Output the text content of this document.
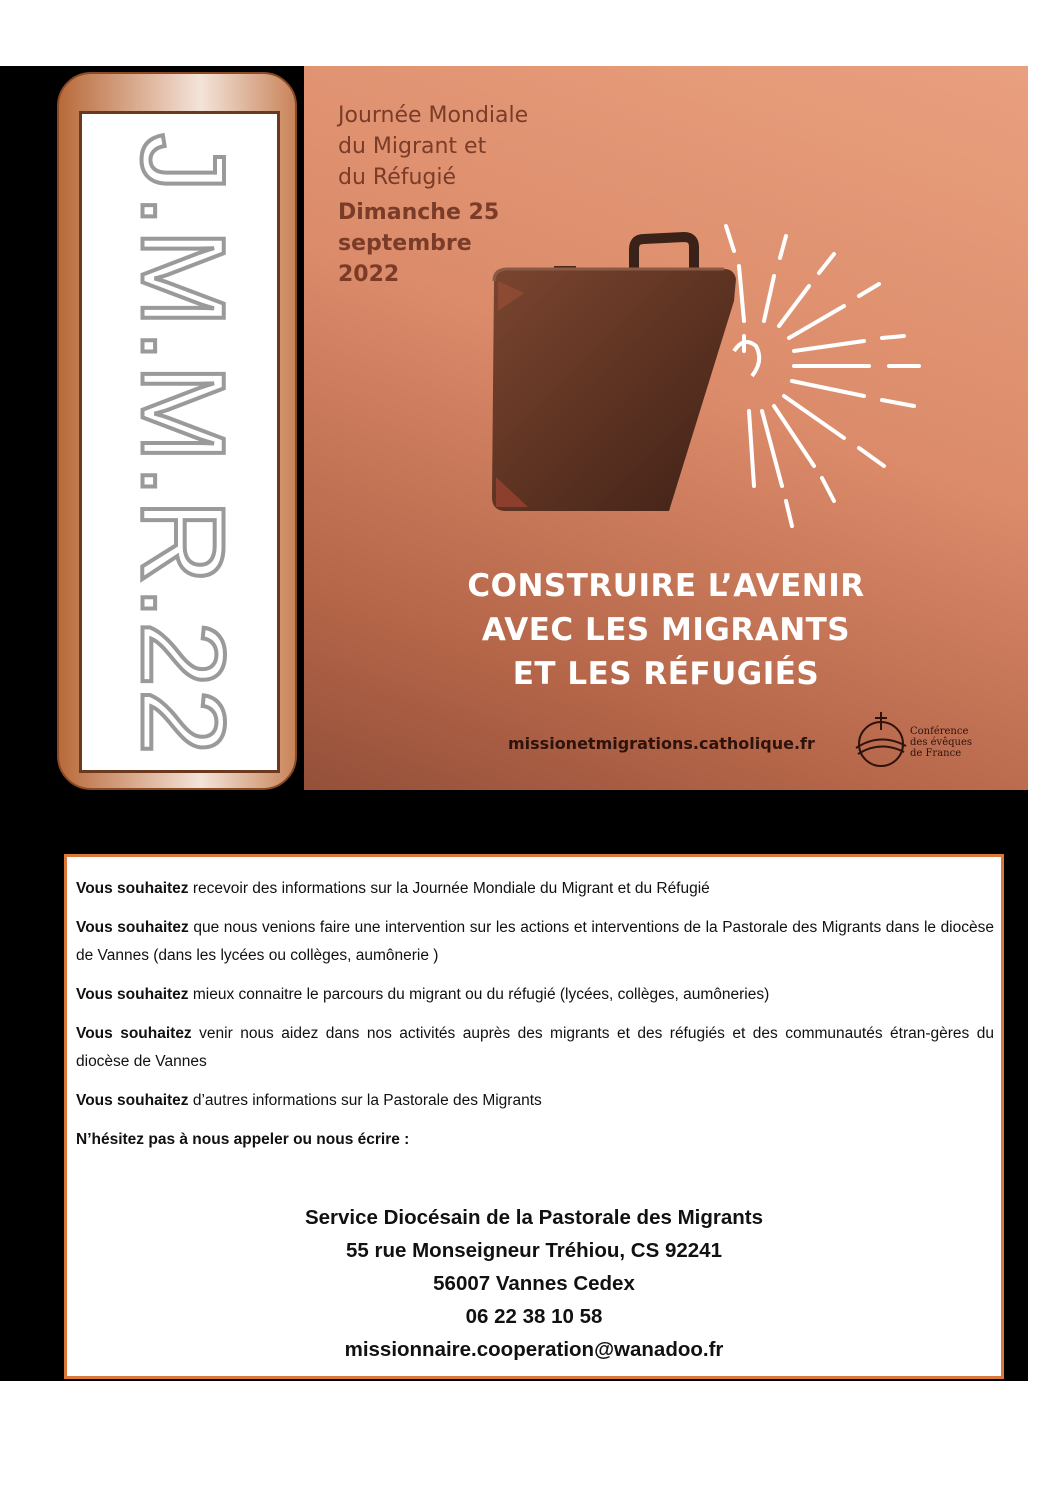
J.M.M.R.22
Journée Mondiale
du Migrant et
du Réfugié
Dimanche 25
septembre
2022
CONSTRUIRE L’AVENIR
AVEC LES MIGRANTS
ET LES RÉFUGIÉS
missionetmigrations.catholique.fr
Conférence
des évêques
de France

Vous souhaitez recevoir des informations sur la Journée Mondiale du Migrant et du Réfugié

Vous souhaitez que nous venions faire une intervention sur les actions et interventions de la Pastorale des Migrants dans le diocèse de Vannes (dans les lycées ou collèges, aumônerie )

Vous souhaitez mieux connaitre le parcours du migrant ou du réfugié (lycées, collèges, aumôneries)

Vous souhaitez venir nous aidez dans nos activités auprès des migrants et des réfugiés et des communautés étran-gères du diocèse de Vannes

Vous souhaitez d’autres informations sur la Pastorale des Migrants

N’hésitez pas à nous appeler ou nous écrire :

Service Diocésain de la Pastorale des Migrants
55 rue Monseigneur Tréhiou, CS 92241
56007 Vannes Cedex
06 22 38 10 58
missionnaire.cooperation@wanadoo.fr
